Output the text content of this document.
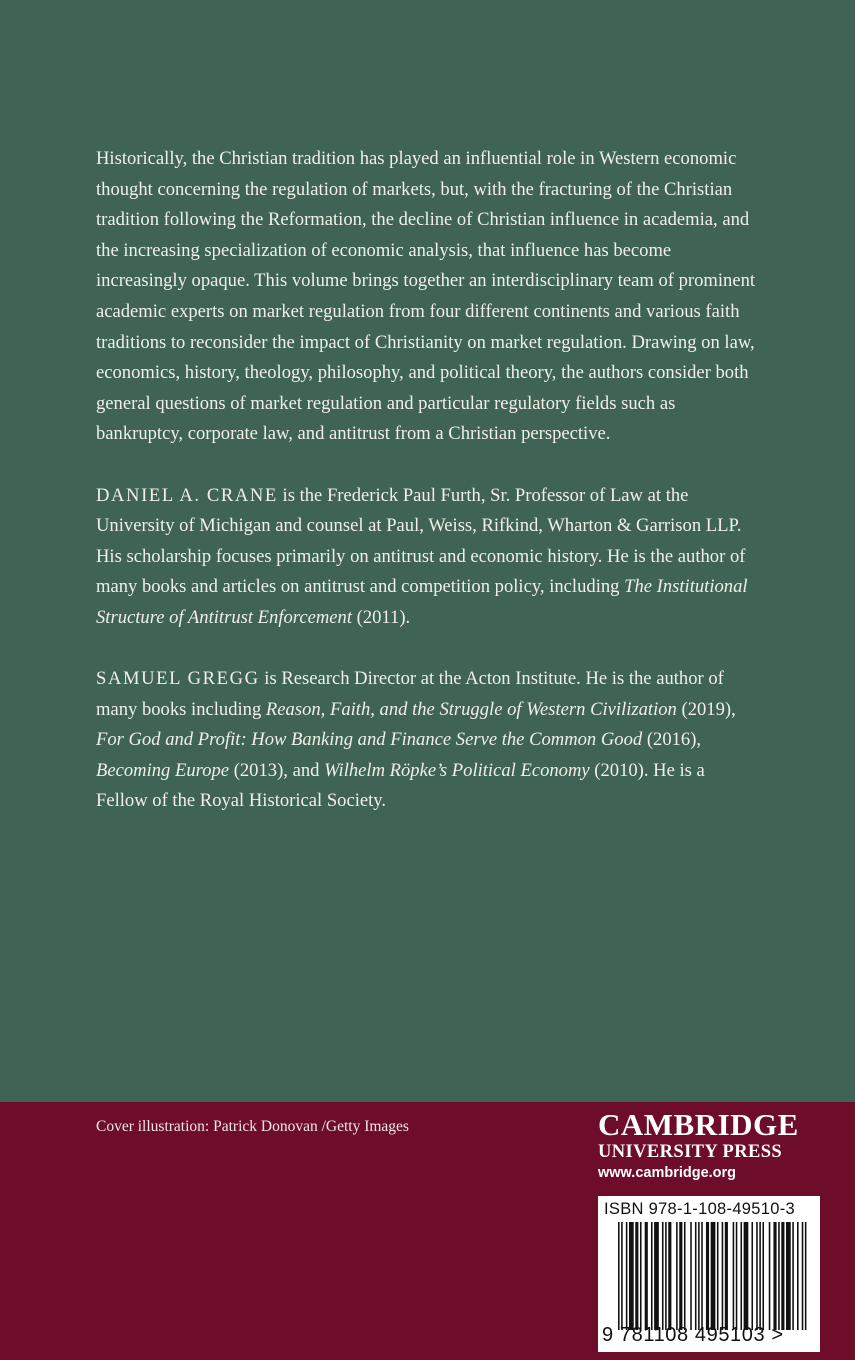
Historically, the Christian tradition has played an influential role in Western economic thought concerning the regulation of markets, but, with the fracturing of the Christian tradition following the Reformation, the decline of Christian influence in academia, and the increasing specialization of economic analysis, that influence has become increasingly opaque. This volume brings together an interdisciplinary team of prominent academic experts on market regulation from four different continents and various faith traditions to reconsider the impact of Christianity on market regulation. Drawing on law, economics, history, theology, philosophy, and political theory, the authors consider both general questions of market regulation and particular regulatory fields such as bankruptcy, corporate law, and antitrust from a Christian perspective.

DANIEL A. CRANE is the Frederick Paul Furth, Sr. Professor of Law at the University of Michigan and counsel at Paul, Weiss, Rifkind, Wharton & Garrison LLP. His scholarship focuses primarily on antitrust and economic history. He is the author of many books and articles on antitrust and competition policy, including The Institutional Structure of Antitrust Enforcement (2011).

SAMUEL GREGG is Research Director at the Acton Institute. He is the author of many books including Reason, Faith, and the Struggle of Western Civilization (2019), For God and Profit: How Banking and Finance Serve the Common Good (2016), Becoming Europe (2013), and Wilhelm Röpke’s Political Economy (2010). He is a Fellow of the Royal Historical Society.

Cover illustration: Patrick Donovan /Getty Images	CAMBRIDGE
UNIVERSITY PRESS
www.cambridge.org
ISBN 978-1-108-49510-3
9 781108 495103 >
